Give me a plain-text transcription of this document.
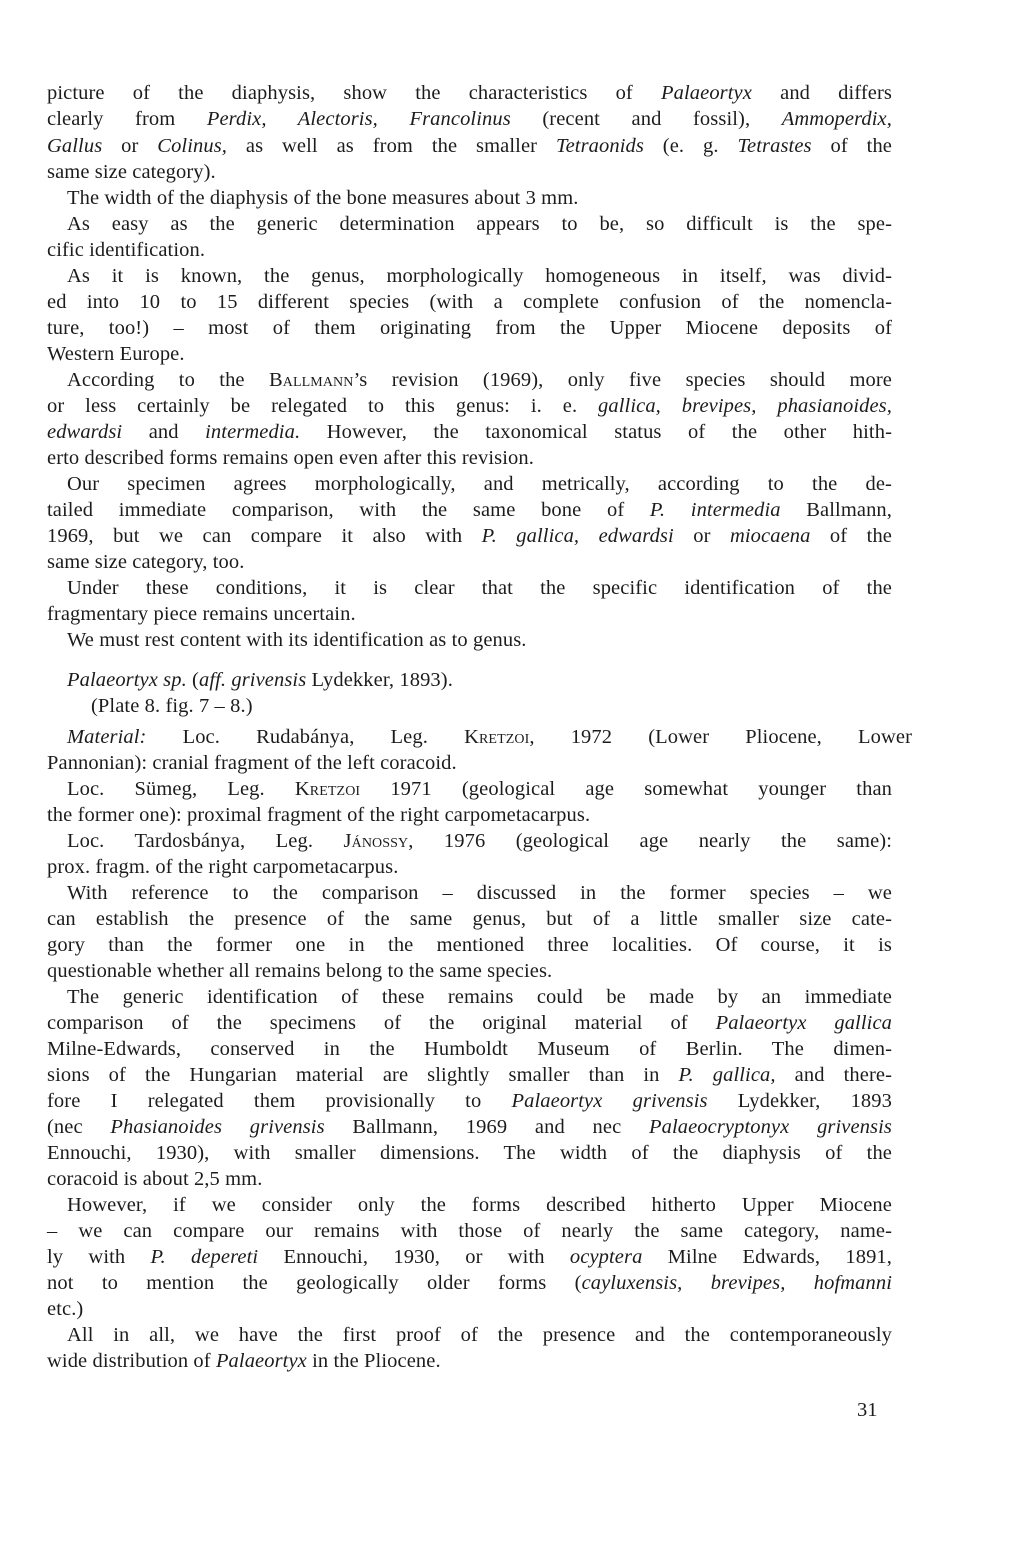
picture of the diaphysis, show the characteristics of Palaeortyx and differs
clearly from Perdix, Alectoris, Francolinus (recent and fossil), Ammoperdix,
Gallus or Colinus, as well as from the smaller Tetraonids (e. g. Tetrastes of the
same size category).
The width of the diaphysis of the bone measures about 3 mm.
As easy as the generic determination appears to be, so difficult is the spe-
cific identification.
As it is known, the genus, morphologically homogeneous in itself, was divid-
ed into 10 to 15 different species (with a complete confusion of the nomencla-
ture, too!) – most of them originating from the Upper Miocene deposits of
Western Europe.
According to the Ballmann’s revision (1969), only five species should more
or less certainly be relegated to this genus: i. e. gallica, brevipes, phasianoides,
edwardsi and intermedia. However, the taxonomical status of the other hith-
erto described forms remains open even after this revision.
Our specimen agrees morphologically, and metrically, according to the de-
tailed immediate comparison, with the same bone of P. intermedia Ballmann,
1969, but we can compare it also with P. gallica, edwardsi or miocaena of the
same size category, too.
Under these conditions, it is clear that the specific identification of the
fragmentary piece remains uncertain.
We must rest content with its identification as to genus.
Palaeortyx sp. (aff. grivensis Lydekker, 1893).
(Plate 8. fig. 7 – 8.)
Material: Loc. Rudabánya, Leg. Kretzoi, 1972 (Lower Pliocene, Lower
Pannonian): cranial fragment of the left coracoid.
Loc. Sümeg, Leg. Kretzoi 1971 (geological age somewhat younger than
the former one): proximal fragment of the right carpometacarpus.
Loc. Tardosbánya, Leg. Jánossy, 1976 (geological age nearly the same):
prox. fragm. of the right carpometacarpus.
With reference to the comparison – discussed in the former species – we
can establish the presence of the same genus, but of a little smaller size cate-
gory than the former one in the mentioned three localities. Of course, it is
questionable whether all remains belong to the same species.
The generic identification of these remains could be made by an immediate
comparison of the specimens of the original material of Palaeortyx gallica
Milne-Edwards, conserved in the Humboldt Museum of Berlin. The dimen-
sions of the Hungarian material are slightly smaller than in P. gallica, and there-
fore I relegated them provisionally to Palaeortyx grivensis Lydekker, 1893
(nec Phasianoides grivensis Ballmann, 1969 and nec Palaeocryptonyx grivensis
Ennouchi, 1930), with smaller dimensions. The width of the diaphysis of the
coracoid is about 2,5 mm.
However, if we consider only the forms described hitherto Upper Miocene
– we can compare our remains with those of nearly the same category, name-
ly with P. depereti Ennouchi, 1930, or with ocyptera Milne Edwards, 1891,
not to mention the geologically older forms (cayluxensis, brevipes, hofmanni
etc.)
All in all, we have the first proof of the presence and the contemporaneously
wide distribution of Palaeortyx in the Pliocene.
31
